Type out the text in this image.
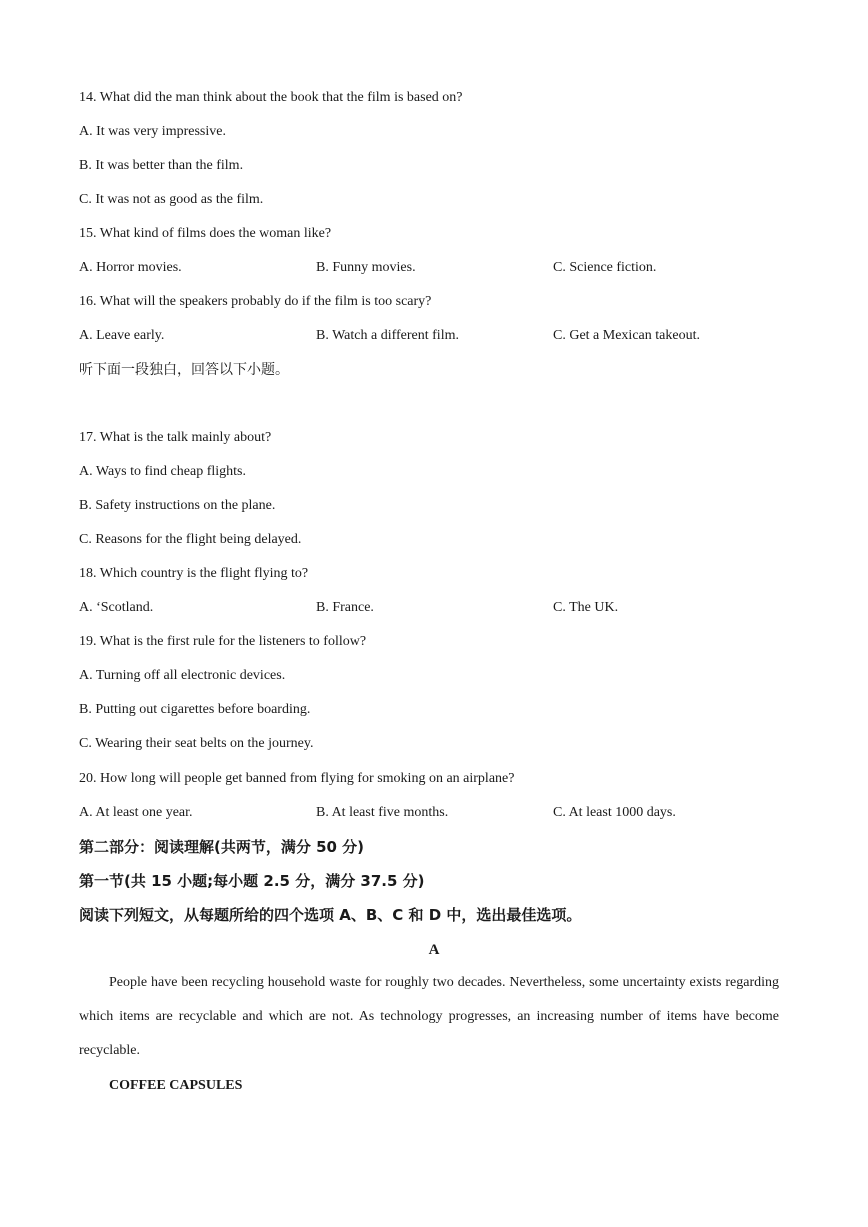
14. What did the man think about the book that the film is based on?
A. It was very impressive.
B. It was better than the film.
C. It was not as good as the film.
15. What kind of films does the woman like?
A. Horror movies.	B. Funny movies.	C. Science fiction.
16. What will the speakers probably do if the film is too scary?
A. Leave early.	B. Watch a different film.	C. Get a Mexican takeout.
听下面一段独白，回答以下小题。
17. What is the talk mainly about?
A. Ways to find cheap flights.
B. Safety instructions on the plane.
C. Reasons for the flight being delayed.
18. Which country is the flight flying to?
A. ‘Scotland.	B. France.	C. The UK.
19. What is the first rule for the listeners to follow?
A. Turning off all electronic devices.
B. Putting out cigarettes before boarding.
C. Wearing their seat belts on the journey.
20. How long will people get banned from flying for smoking on an airplane?
A. At least one year.	B. At least five months.	C. At least 1000 days.
第二部分：阅读理解(共两节，满分 50 分)
第一节(共 15 小题;每小题 2.5 分，满分 37.5 分)
阅读下列短文，从每题所给的四个选项 A、B、C 和 D 中，选出最佳选项。
A
People have been recycling household waste for roughly two decades. Nevertheless, some uncertainty exists regarding which items are recyclable and which are not. As technology progresses, an increasing number of items have become recyclable.
COFFEE CAPSULES
